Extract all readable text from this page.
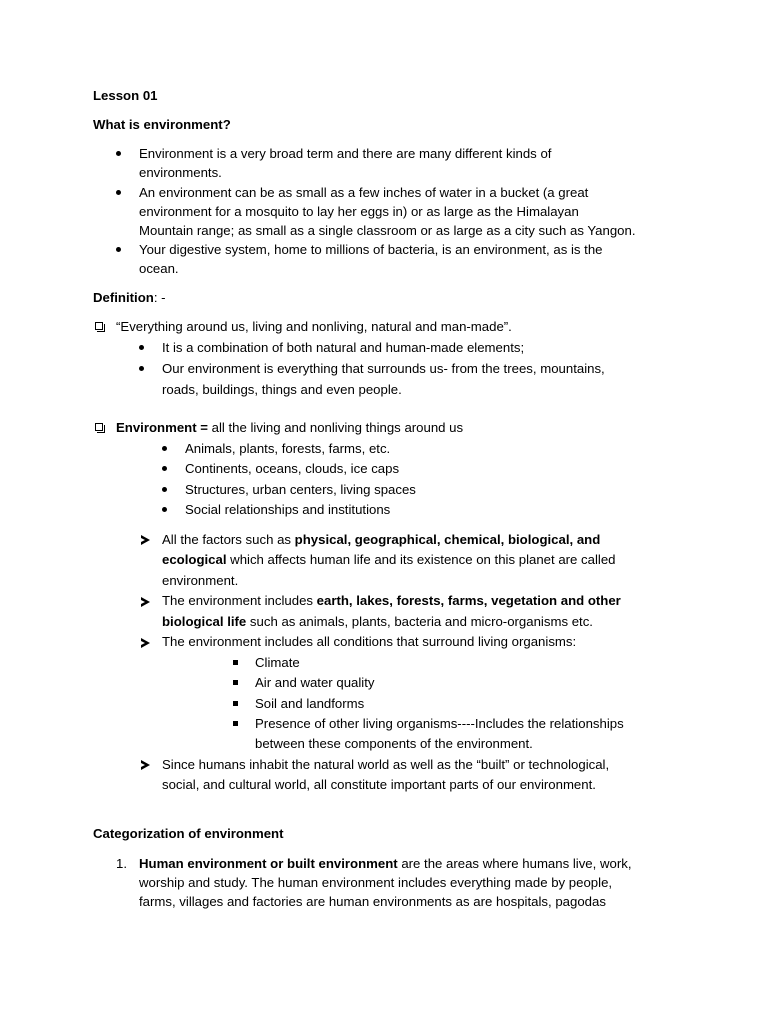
Lesson 01
What is environment?
Environment is a very broad term and there are many different kinds of
environments.
An environment can be as small as a few inches of water in a bucket (a great
environment for a mosquito to lay her eggs in) or as large as the Himalayan
Mountain range; as small as a single classroom or as large as a city such as Yangon.
Your digestive system, home to millions of bacteria, is an environment, as is the
ocean.
Definition: -
“Everything around us, living and nonliving, natural and man-made”.
It is a combination of both natural and human-made elements;
Our environment is everything that surrounds us- from the trees, mountains,
roads, buildings, things and even people.
Environment = all the living and nonliving things around us
Animals, plants, forests, farms, etc.
Continents, oceans, clouds, ice caps
Structures, urban centers, living spaces
Social relationships and institutions
All the factors such as physical, geographical, chemical, biological, and
ecological which affects human life and its existence on this planet are called
environment.
The environment includes earth, lakes, forests, farms, vegetation and other
biological life such as animals, plants, bacteria and micro-organisms etc.
The environment includes all conditions that surround living organisms:
Climate
Air and water quality
Soil and landforms
Presence of other living organisms----Includes the relationships
between these components of the environment.
Since humans inhabit the natural world as well as the “built” or technological,
social, and cultural world, all constitute important parts of our environment.
Categorization of environment
1. Human environment or built environment are the areas where humans live, work,
worship and study. The human environment includes everything made by people,
farms, villages and factories are human environments as are hospitals, pagodas
